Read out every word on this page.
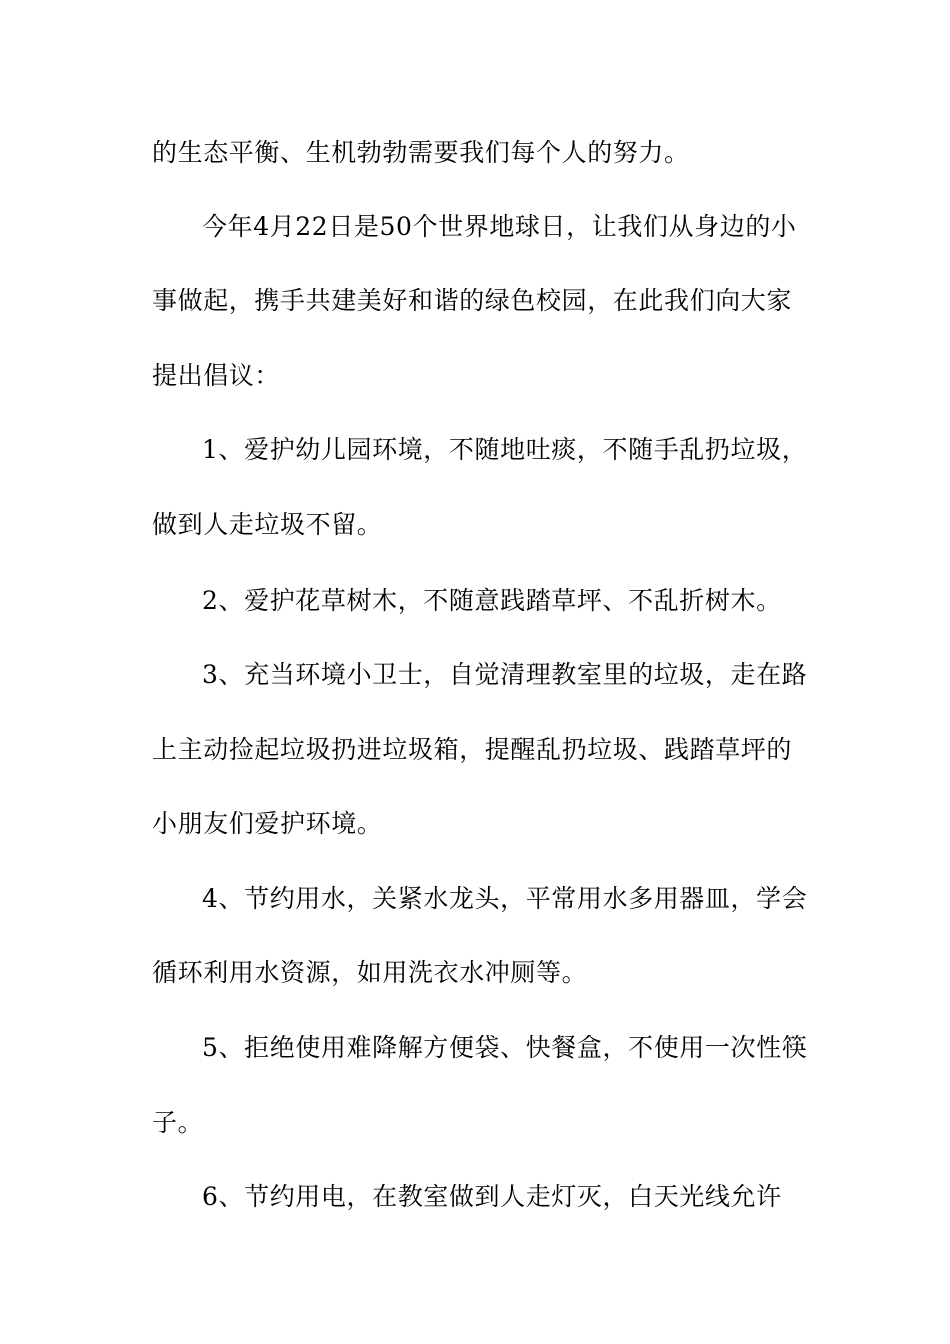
的生态平衡、生机勃勃需要我们每个人的努力。
今年4月22日是50个世界地球日，让我们从身边的小
事做起，携手共建美好和谐的绿色校园，在此我们向大家
提出倡议：
1、爱护幼儿园环境，不随地吐痰，不随手乱扔垃圾，
做到人走垃圾不留。
2、爱护花草树木，不随意践踏草坪、不乱折树木。
3、充当环境小卫士，自觉清理教室里的垃圾，走在路
上主动捡起垃圾扔进垃圾箱，提醒乱扔垃圾、践踏草坪的
小朋友们爱护环境。
4、节约用水，关紧水龙头，平常用水多用器皿，学会
循环利用水资源，如用洗衣水冲厕等。
5、拒绝使用难降解方便袋、快餐盒，不使用一次性筷
子。
6、节约用电，在教室做到人走灯灭，白天光线允许
